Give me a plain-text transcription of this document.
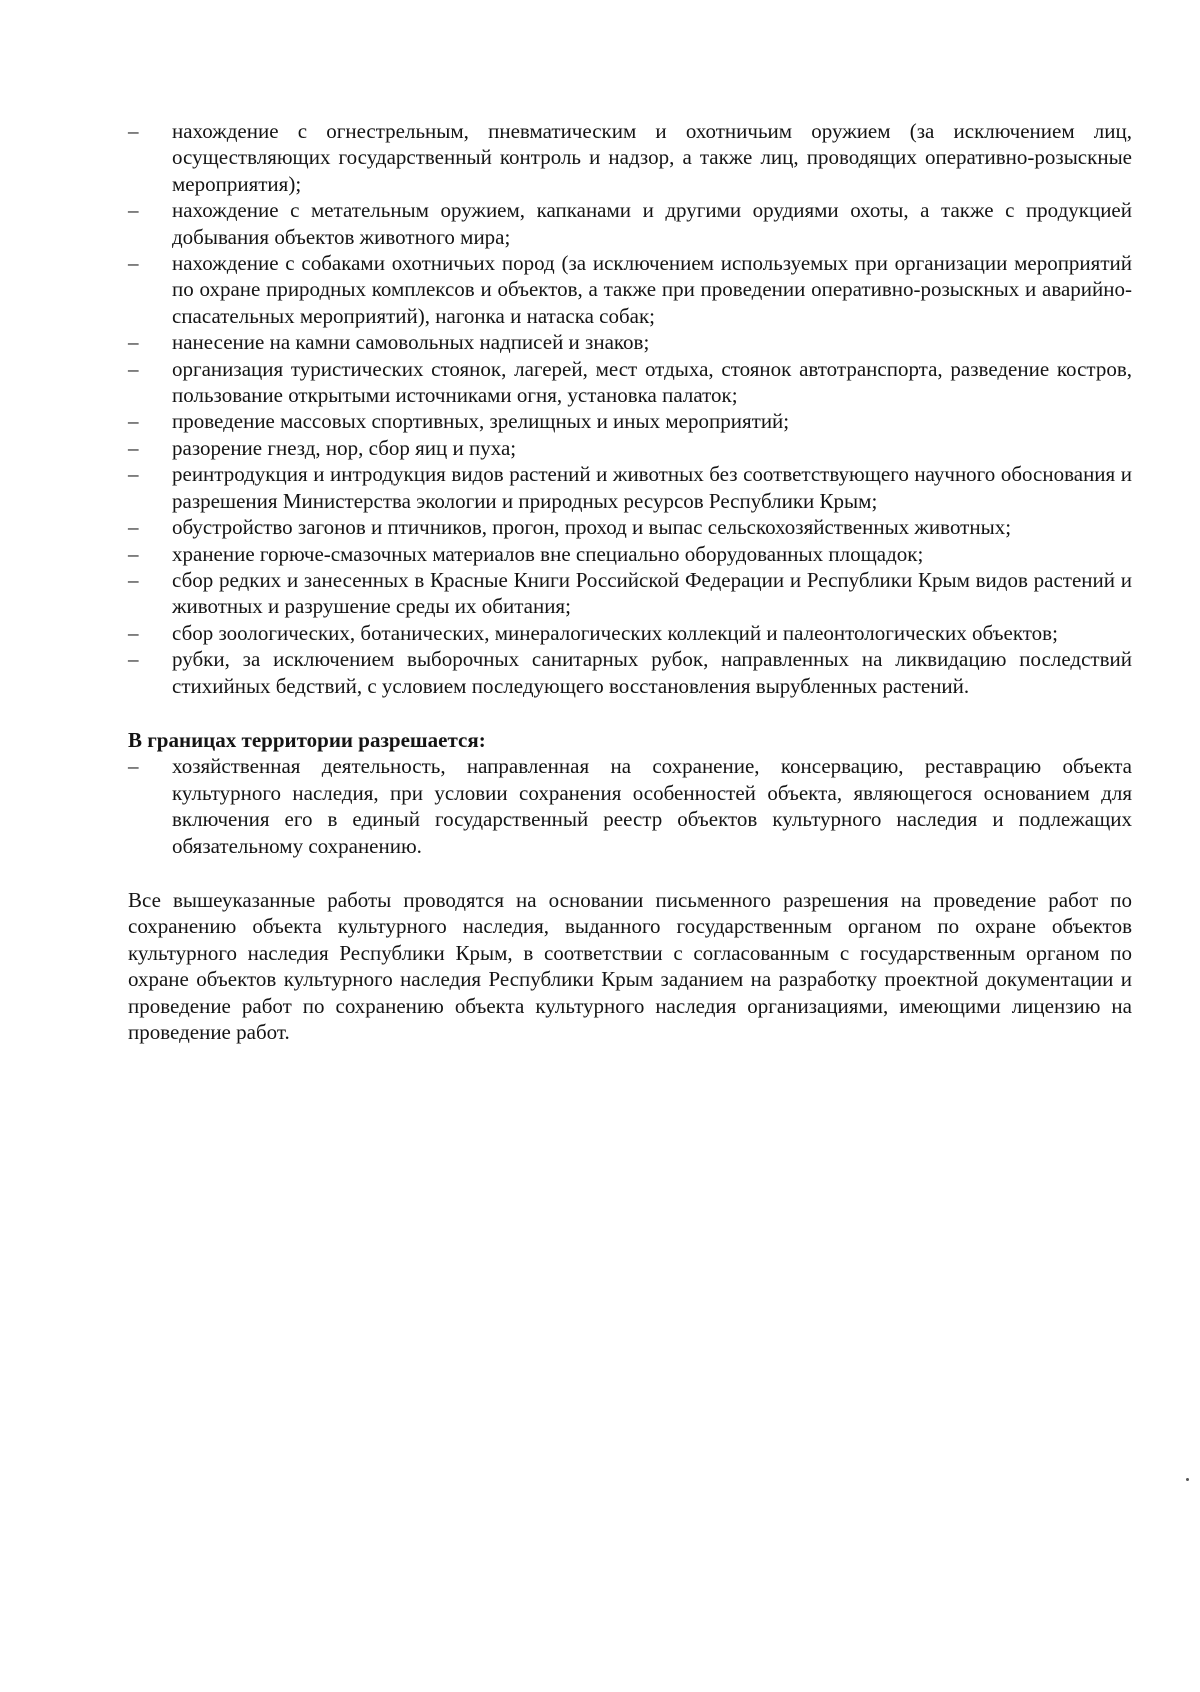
–	нахождение с огнестрельным, пневматическим и охотничьим оружием (за исключением лиц, осуществляющих государственный контроль и надзор, а также лиц, проводящих оперативно-розыскные мероприятия);
–	нахождение с метательным оружием, капканами и другими орудиями охоты, а также с продукцией добывания объектов животного мира;
–	нахождение с собаками охотничьих пород (за исключением используемых при организации мероприятий по охране природных комплексов и объектов, а также при проведении оперативно-розыскных и аварийно-спасательных мероприятий), нагонка и натаска собак;
–	нанесение на камни самовольных надписей и знаков;
–	организация туристических стоянок, лагерей, мест отдыха, стоянок автотранспорта, разведение костров, пользование открытыми источниками огня, установка палаток;
–	проведение массовых спортивных, зрелищных и иных мероприятий;
–	разорение гнезд, нор, сбор яиц и пуха;
–	реинтродукция и интродукция видов растений и животных без соответствующего научного обоснования и разрешения Министерства экологии и природных ресурсов Республики Крым;
–	обустройство загонов и птичников, прогон, проход и выпас сельскохозяйственных животных;
–	хранение горюче-смазочных материалов вне специально оборудованных площадок;
–	сбор редких и занесенных в Красные Книги Российской Федерации и Республики Крым видов растений и животных и разрушение среды их обитания;
–	сбор зоологических, ботанических, минералогических коллекций и палеонтологических объектов;
–	рубки, за исключением выборочных санитарных рубок, направленных на ликвидацию последствий стихийных бедствий, с условием последующего восстановления вырубленных растений.

В границах территории разрешается:

–	хозяйственная деятельность, направленная на сохранение, консервацию, реставрацию объекта культурного наследия, при условии сохранения особенностей объекта, являющегося основанием для включения его в единый государственный реестр объектов культурного наследия и подлежащих обязательному сохранению.

Все вышеуказанные работы проводятся на основании письменного разрешения на проведение работ по сохранению объекта культурного наследия, выданного государственным органом по охране объектов культурного наследия Республики Крым, в соответствии с согласованным с государственным органом по охране объектов культурного наследия Республики Крым заданием на разработку проектной документации и проведение работ по сохранению объекта культурного наследия организациями, имеющими лицензию на проведение работ.
